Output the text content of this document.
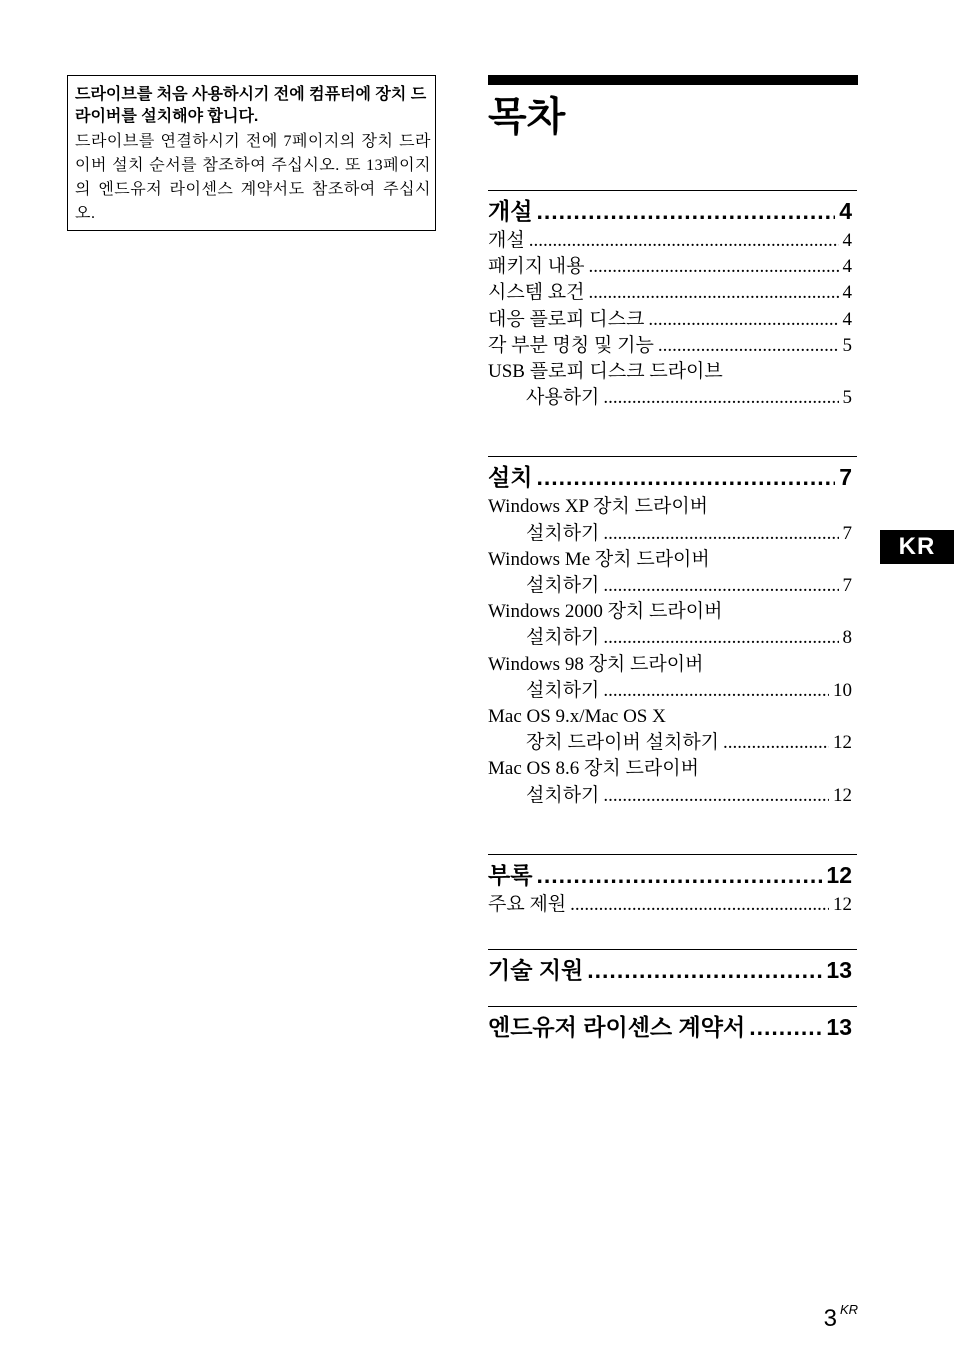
드라이브를 처음 사용하시기 전에 컴퓨터에 장치 드라이버를 설치해야 합니다.
드라이브를 연결하시기 전에 7페이지의 장치 드라이버 설치 순서를 참조하여 주십시오. 또 13페이지의 엔드유저 라이센스 계약서도 참조하여 주십시오.
목차
개설 .....	4
개설 .....	4
패키지 내용 .....	4
시스템 요건 .....	4
대응 플로피 디스크 .....	4
각 부분 명칭 및 기능 .....	5
USB 플로피 디스크 드라이브
사용하기 .....	5
설치 .....	7
Windows XP 장치 드라이버
설치하기 .....	7
Windows Me 장치 드라이버
설치하기 .....	7
Windows 2000 장치 드라이버
설치하기 .....	8
Windows 98 장치 드라이버
설치하기 .....	10
Mac OS 9.x/Mac OS X
장치 드라이버 설치하기 .....	12
Mac OS 8.6 장치 드라이버
설치하기 .....	12
부록 .....	12
주요 제원 .....	12
기술 지원 .....	13
엔드유저 라이센스 계약서 .....	13
KR
3 $^{KR}$
